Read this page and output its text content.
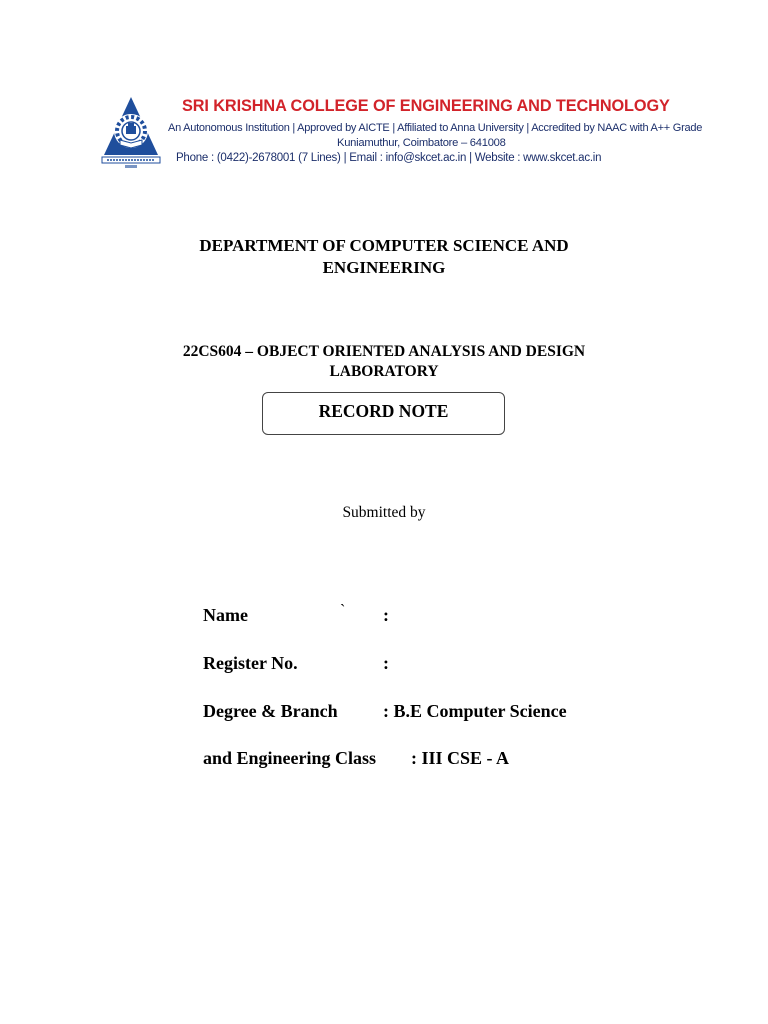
SRI KRISHNA COLLEGE OF ENGINEERING AND TECHNOLOGY
An Autonomous Institution | Approved by AICTE | Affiliated to Anna University | Accredited by NAAC with A++ Grade
Kuniamuthur, Coimbatore – 641008
Phone : (0422)-2678001 (7 Lines) | Email : info@skcet.ac.in | Website : www.skcet.ac.in
DEPARTMENT OF COMPUTER SCIENCE AND
ENGINEERING
22CS604 – OBJECT ORIENTED ANALYSIS AND DESIGN
LABORATORY
RECORD NOTE
Submitted by
Name	` :
Register No.	:
Degree & Branch	: B.E Computer Science
and Engineering Class : III CSE - A
